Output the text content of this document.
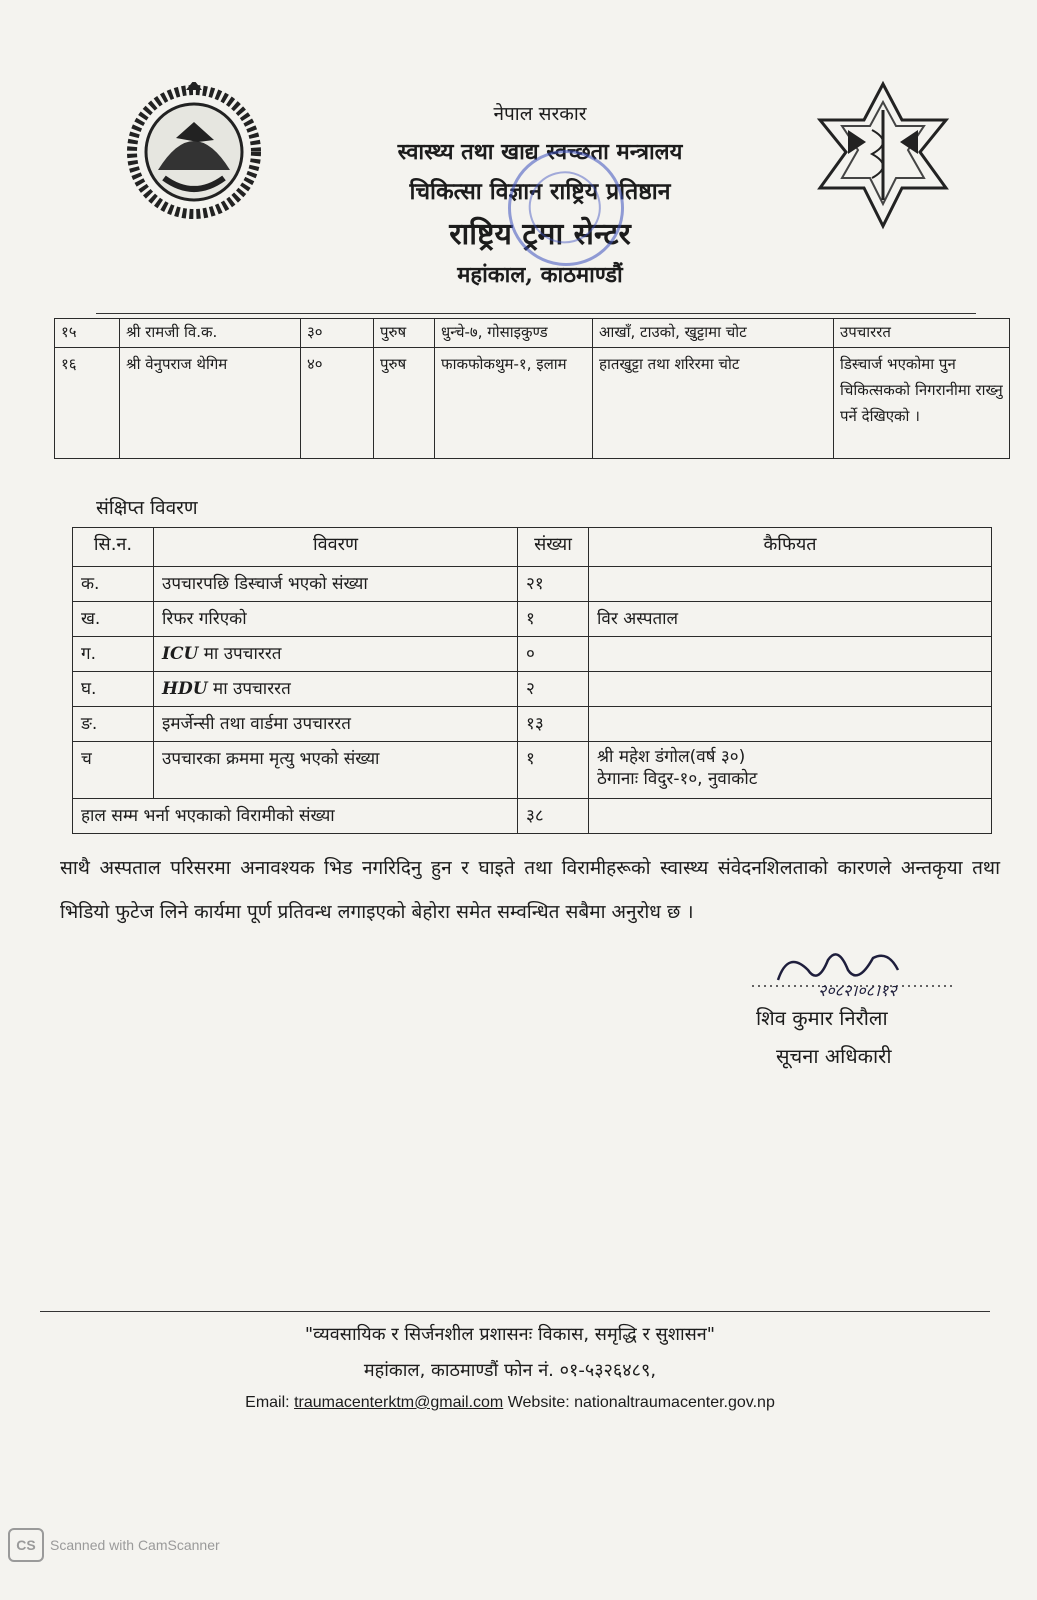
नेपाल सरकार
स्वास्थ्य तथा खाद्य स्वच्छता मन्त्रालय
चिकित्सा विज्ञान राष्ट्रिय प्रतिष्ठान
राष्ट्रिय ट्रमा सेन्टर
महांकाल, काठमाण्डौं
१५	श्री रामजी वि.क.	३०	पुरुष	धुन्चे-७, गोसाइकुण्ड	आखाँ, टाउको, खुट्टामा चोट	उपचाररत
१६	श्री वेनुपराज थेगिम	४०	पुरुष	फाकफोकथुम-१, इलाम	हातखुट्टा तथा शरिरमा चोट	डिस्चार्ज भएकोमा पुन चिकित्सकको निगरानीमा राख्नु पर्ने देखिएको ।
संक्षिप्त विवरण
सि.न.	विवरण	संख्या	कैफियत
क.	उपचारपछि डिस्चार्ज भएको संख्या	२१	
ख.	रिफर गरिएको	१	विर अस्पताल
ग.	ICU मा उपचाररत	०	
घ.	HDU मा उपचाररत	२	
ङ.	इमर्जेन्सी तथा वार्डमा उपचाररत	१३	
च	उपचारका क्रममा मृत्यु भएको संख्या	१	श्री महेश डंगोल(वर्ष ३०)
ठेगानाः विदुर-१०, नुवाकोट

हाल सम्म भर्ना भएकाको विरामीको संख्या		३८	
साथै अस्पताल परिसरमा अनावश्यक भिड नगरिदिनु हुन र घाइते तथा विरामीहरूको स्वास्थ्य संवेदनशिलताको कारणले अन्तकृया तथा भिडियो फुटेज लिने कार्यमा पूर्ण प्रतिवन्ध लगाइएको बेहोरा समेत सम्वन्धित सबैमा अनुरोध छ ।
२०८२।०८।१२
शिव कुमार निरौला
सूचना अधिकारी
"व्यवसायिक र सिर्जनशील प्रशासनः विकास, समृद्धि र सुशासन"
महांकाल, काठमाण्डौं फोन नं. ०१-५३२६४८९,
Email: traumacenterktm@gmail.com Website: nationaltraumacenter.gov.np
CS	Scanned with CamScanner
